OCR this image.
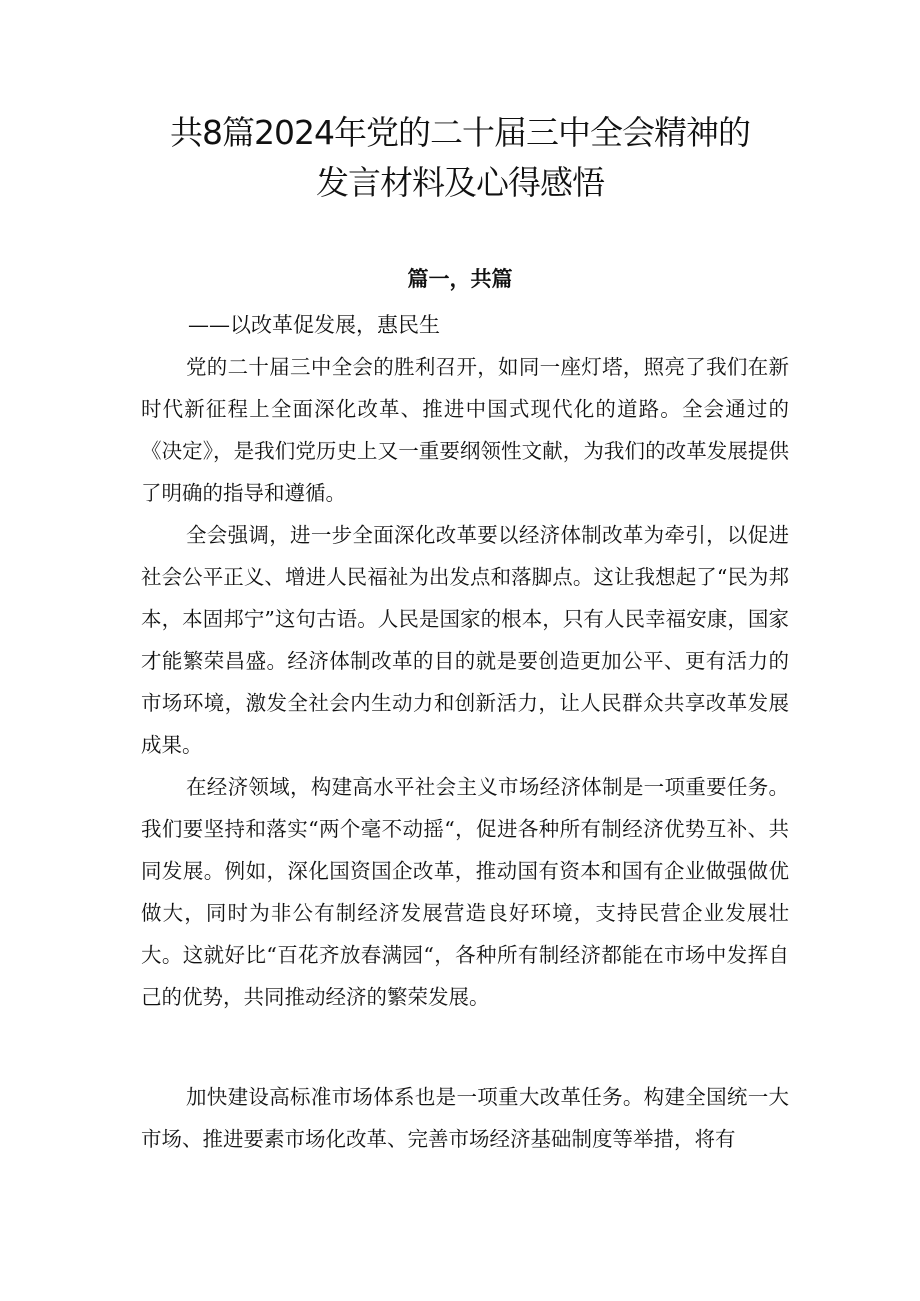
共8篇2024年党的二十届三中全会精神的
发言材料及心得感悟
篇一，共篇
——以改革促发展，惠民生

党的二十届三中全会的胜利召开，如同一座灯塔，照亮了我们在新时代新征程上全面深化改革、推进中国式现代化的道路。全会通过的《决定》，是我们党历史上又一重要纲领性文献，为我们的改革发展提供了明确的指导和遵循。

全会强调，进一步全面深化改革要以经济体制改革为牵引，以促进社会公平正义、增进人民福祉为出发点和落脚点。这让我想起了“民为邦本，本固邦宁”这句古语。人民是国家的根本，只有人民幸福安康，国家才能繁荣昌盛。经济体制改革的目的就是要创造更加公平、更有活力的市场环境，激发全社会内生动力和创新活力，让人民群众共享改革发展成果。

在经济领域，构建高水平社会主义市场经济体制是一项重要任务。我们要坚持和落实“两个毫不动摇“，促进各种所有制经济优势互补、共同发展。例如，深化国资国企改革，推动国有资本和国有企业做强做优做大，同时为非公有制经济发展营造良好环境，支持民营企业发展壮大。这就好比“百花齐放春满园“，各种所有制经济都能在市场中发挥自己的优势，共同推动经济的繁荣发展。

加快建设高标准市场体系也是一项重大改革任务。构建全国统一大市场、推进要素市场化改革、完善市场经济基础制度等举措，将有
